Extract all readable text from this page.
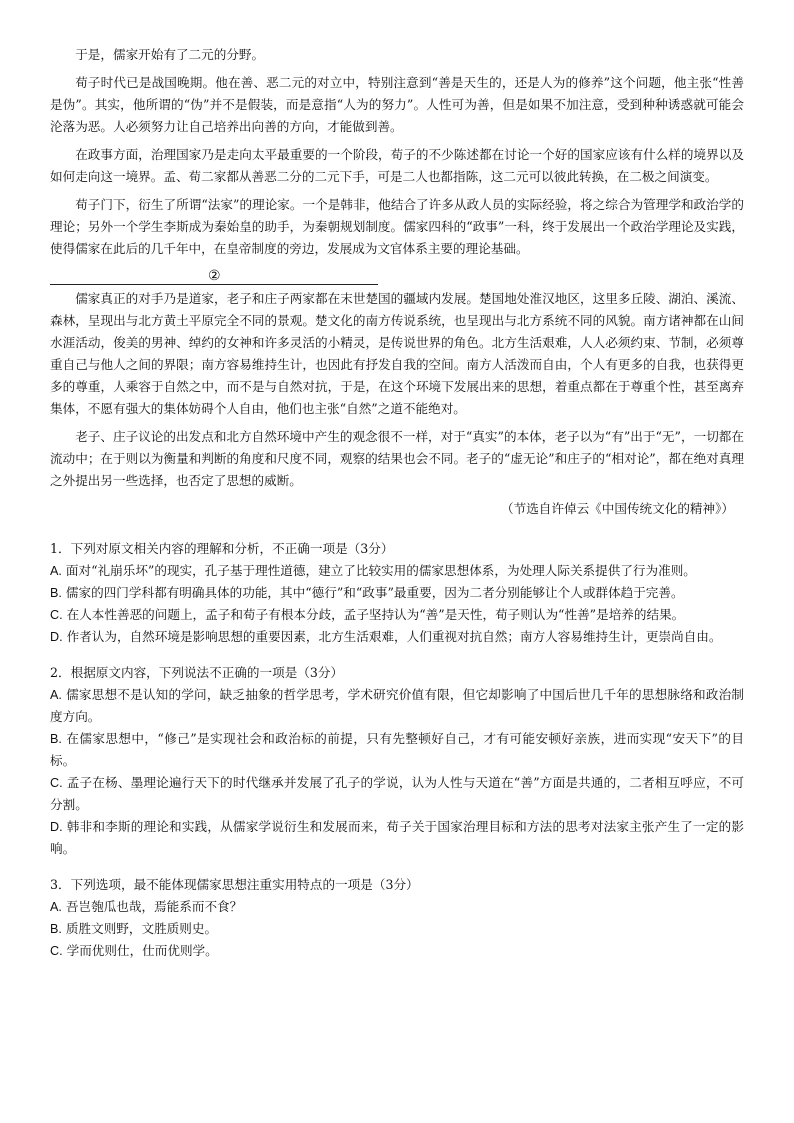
于是，儒家开始有了二元的分野。

荀子时代已是战国晚期。他在善、恶二元的对立中，特别注意到“善是天生的，还是人为的修养”这个问题，他主张“性善是伪”。其实，他所谓的“伪”并不是假装，而是意指“人为的努力”。人性可为善，但是如果不加注意，受到种种诱惑就可能会沦落为恶。人必须努力让自己培养出向善的方向，才能做到善。

在政事方面，治理国家乃是走向太平最重要的一个阶段，荀子的不少陈述都在讨论一个好的国家应该有什么样的境界以及如何走向这一境界。孟、荀二家都从善恶二分的二元下手，可是二人也都指陈，这二元可以彼此转换，在二极之间演变。

荀子门下，衍生了所谓“法家”的理论家。一个是韩非，他结合了许多从政人员的实际经验，将之综合为管理学和政治学的理论；另外一个学生李斯成为秦始皇的助手，为秦朝规划制度。儒家四科的“政事”一科，终于发展出一个政治学理论及实践，使得儒家在此后的几千年中，在皇帝制度的旁边，发展成为文官体系主要的理论基础。

②

儒家真正的对手乃是道家，老子和庄子两家都在末世楚国的疆域内发展。楚国地处淮汉地区，这里多丘陵、湖泊、溪流、森林，呈现出与北方黄土平原完全不同的景观。楚文化的南方传说系统，也呈现出与北方系统不同的风貌。南方诸神都在山间水涯活动，俊美的男神、绰约的女神和许多灵活的小精灵，是传说世界的角色。北方生活艰难，人人必须约束、节制，必须尊重自己与他人之间的界限；南方容易维持生计，也因此有抒发自我的空间。南方人活泼而自由，个人有更多的自我，也获得更多的尊重，人乘容于自然之中，而不是与自然对抗，于是，在这个环境下发展出来的思想，着重点都在于尊重个性，甚至离弃集体，不愿有强大的集体妨碍个人自由，他们也主张“自然”之道不能绝对。

老子、庄子议论的出发点和北方自然环境中产生的观念很不一样，对于“真实”的本体，老子以为“有”出于“无”，一切都在流动中；在于则以为衡量和判断的角度和尺度不同，观察的结果也会不同。老子的“虚无论”和庄子的“相对论”，都在绝对真理之外提出另一些选择，也否定了思想的威断。

（节选自许倬云《中国传统文化的精神》）

1．下列对原文相关内容的理解和分析，不正确一项是（3分）

A. 面对“礼崩乐坏”的现实，孔子基于理性道德，建立了比较实用的儒家思想体系，为处理人际关系提供了行为准则。

B. 儒家的四门学科都有明确具体的功能，其中“德行”和“政事”最重要，因为二者分别能够让个人或群体趋于完善。

C. 在人本性善恶的问题上，孟子和荀子有根本分歧，孟子坚持认为“善”是天性，荀子则认为“性善”是培养的结果。

D. 作者认为，自然环境是影响思想的重要因素，北方生活艰难，人们重视对抗自然；南方人容易维持生计，更崇尚自由。

2．根据原文内容，下列说法不正确的一项是（3分）

A. 儒家思想不是认知的学问，缺乏抽象的哲学思考，学术研究价值有限，但它却影响了中国后世几千年的思想脉络和政治制度方向。

B. 在儒家思想中，“修己”是实现社会和政治标的前提，只有先整顿好自己，才有可能安顿好亲族，进而实现“安天下”的目标。

C. 孟子在杨、墨理论遍行天下的时代继承并发展了孔子的学说，认为人性与天道在“善”方面是共通的，二者相互呼应，不可分割。

D. 韩非和李斯的理论和实践，从儒家学说衍生和发展而来，荀子关于国家治理目标和方法的思考对法家主张产生了一定的影响。

3．下列选项，最不能体现儒家思想注重实用特点的一项是（3分）

A. 吾岂匏瓜也哉，焉能系而不食？

B. 质胜文则野，文胜质则史。

C. 学而优则仕，仕而优则学。
